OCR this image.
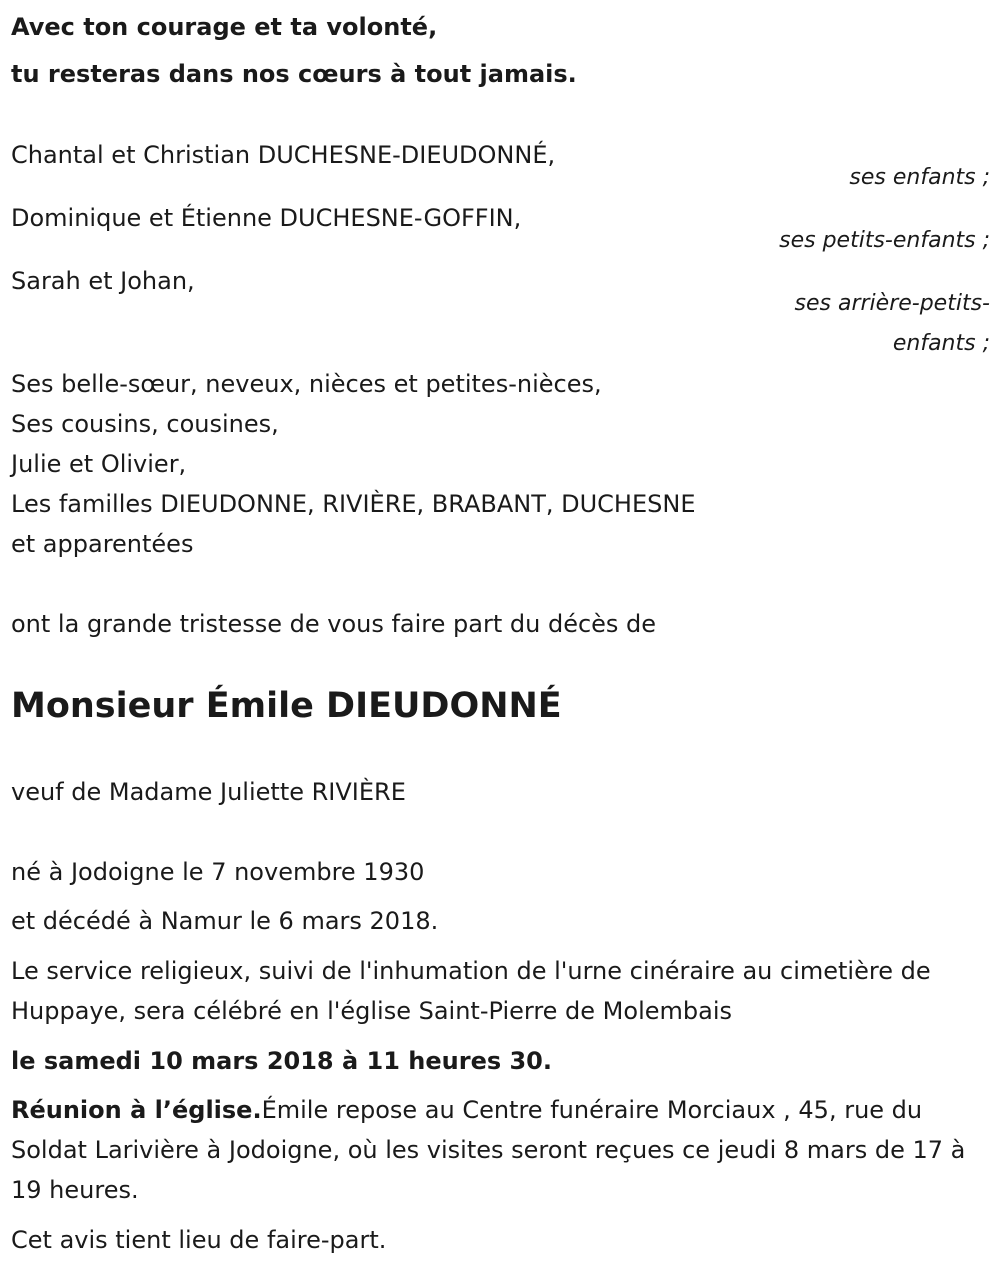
Avec ton courage et ta volonté,
tu resteras dans nos cœurs à tout jamais.
Chantal et Christian DUCHESNE-DIEUDONNÉ,
ses enfants ;
Dominique et Étienne DUCHESNE-GOFFIN,
ses petits-enfants ;
Sarah et Johan,
ses arrière-petits-
enfants ;
Ses belle-sœur, neveux, nièces et petites-nièces,
Ses cousins, cousines,
Julie et Olivier,
Les familles DIEUDONNE, RIVIÈRE, BRABANT, DUCHESNE
et apparentées
ont la grande tristesse de vous faire part du décès de
Monsieur Émile DIEUDONNÉ
veuf de Madame Juliette RIVIÈRE
né à Jodoigne le 7 novembre 1930
et décédé à Namur le 6 mars 2018.
Le service religieux, suivi de l'inhumation de l'urne cinéraire au cimetière de Huppaye, sera célébré en l'église Saint-Pierre de Molembais
le samedi 10 mars 2018 à 11 heures 30.
Réunion à l’église.Émile repose au Centre funéraire Morciaux , 45, rue du Soldat Larivière à Jodoigne, où les visites seront reçues ce jeudi 8 mars de 17 à 19 heures.
Cet avis tient lieu de faire-part.
